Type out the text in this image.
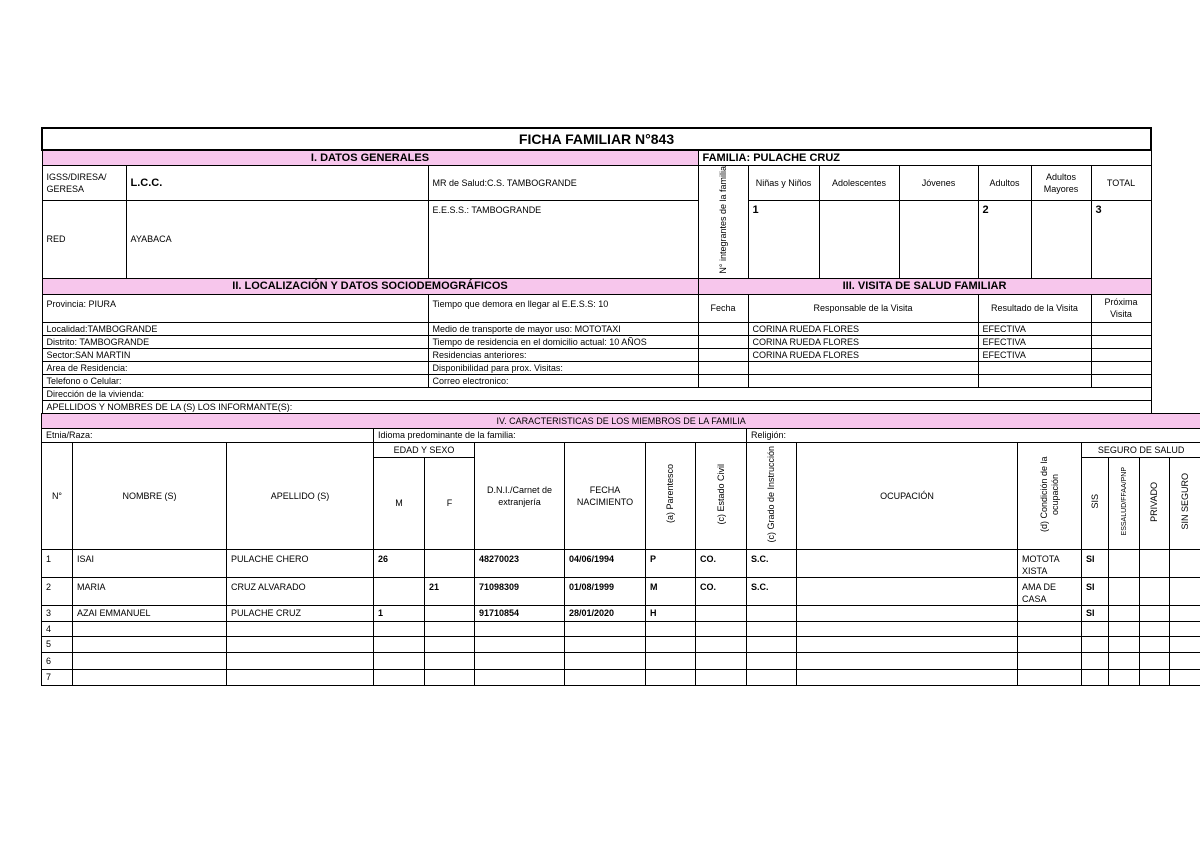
FICHA FAMILIAR N°843									
I. DATOS GENERALES			FAMILIA: PULACHE CRUZ						
IGSS/DIRESA/ GERESA	L.C.C.	MR de Salud:C.S. TAMBOGRANDE	N° integrantes de la familia	Niñas y Niños	Adolescentes	Jóvenes	Adultos	Adultos Mayores	TOTAL
RED	AYABACA	E.E.S.S.: TAMBOGRANDE		1			2		3
II. LOCALIZACIÓN Y DATOS SOCIODEMOGRÁFICOS			III. VISITA DE SALUD FAMILIAR						
Provincia: PIURA		Tiempo que demora en llegar al E.E.S.S: 10	Fecha	Responsable de la Visita			Resultado de la Visita		Próxima Visita
Localidad:TAMBOGRANDE		Medio de transporte de mayor uso: MOTOTAXI		CORINA RUEDA FLORES			EFECTIVA		
Distrito: TAMBOGRANDE		Tiempo de residencia en el domicilio actual: 10 AÑOS		CORINA RUEDA FLORES			EFECTIVA		
Sector:SAN MARTIN		Residencias anteriores:		CORINA RUEDA FLORES			EFECTIVA		
Area de Residencia:		Disponibilidad para prox. Visitas:							
Telefono o Celular:		Correo electronico:							
Dirección de la vivienda:									
APELLIDOS Y NOMBRES DE LA (S) LOS INFORMANTE(S):									
IV. CARACTERISTICAS DE LOS MIEMBROS DE LA FAMILIA															
Etnia/Raza:			Idioma predominante de la familia:						Religión:						
N°	NOMBRE (S)	APELLIDO (S)	EDAD Y SEXO		D.N.I./Carnet de extranjería	FECHA NACIMIENTO	(a) Parentesco	(c) Estado Civil	(c) Grado de Instrucción	OCUPACIÓN	(d) Condición de la ocupación	SEGURO DE SALUD			
			M	F								SIS	ESSALUD/FFAA/PNP	PRIVADO	SIN SEGURO
1	ISAI	PULACHE CHERO	26		48270023	04/06/1994	P	CO.	S.C.		MOTOTA XISTA	SI			
2	MARIA	CRUZ ALVARADO		21	71098309	01/08/1999	M	CO.	S.C.		AMA DE CASA	SI			
3	AZAI EMMANUEL	PULACHE CRUZ	1		91710854	28/01/2020	H					SI			
4															
5															
6															
7															
